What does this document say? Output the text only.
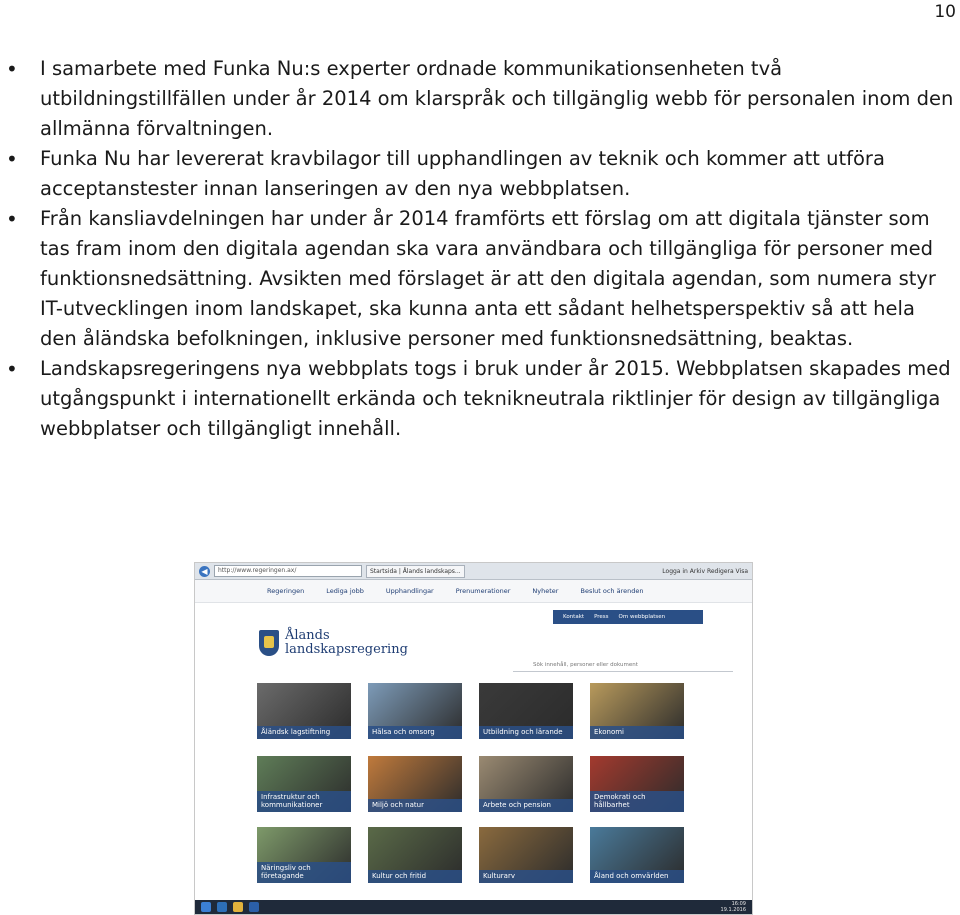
10
• I samarbete med Funka Nu:s experter ordnade kommunikationsenheten två utbildningstillfällen under år 2014 om klarspråk och tillgänglig webb för personalen inom den allmänna förvaltningen.
• Funka Nu har levererat kravbilagor till upphandlingen av teknik och kommer att utföra acceptanstester innan lanseringen av den nya webbplatsen.
• Från kansliavdelningen har under år 2014 framförts ett förslag om att digitala tjänster som tas fram inom den digitala agendan ska vara användbara och tillgängliga för personer med funktionsnedsättning. Avsikten med förslaget är att den digitala agendan, som numera styr IT-utvecklingen inom landskapet, ska kunna anta ett sådant helhetsperspektiv så att hela den åländska befolkningen, inklusive personer med funktionsnedsättning, beaktas.
• Landskapsregeringens nya webbplats togs i bruk under år 2015. Webbplatsen skapades med utgångspunkt i internationellt erkända och teknikneutrala riktlinjer för design av tillgängliga webbplatser och tillgängligt innehåll.
◀	http://www.regeringen.ax/	Startsida | Ålands landskaps...	Logga in Arkiv Redigera Visa
Regeringen	Lediga jobb	Upphandlingar	Prenumerationer	Nyheter	Beslut och ärenden
Kontakt Press Om webbplatsen
Ålands
landskapsregering
Sök innehåll, personer eller dokument
Åländsk lagstiftning	Hälsa och omsorg	Utbildning och lärande	Ekonomi
Infrastruktur och kommunikationer	Miljö och natur	Arbete och pension
Demokrati och hållbarhet
Näringsliv och företagande	Kultur och fritid	Kulturarv	Åland och omvärlden
16:09
19.1.2016
